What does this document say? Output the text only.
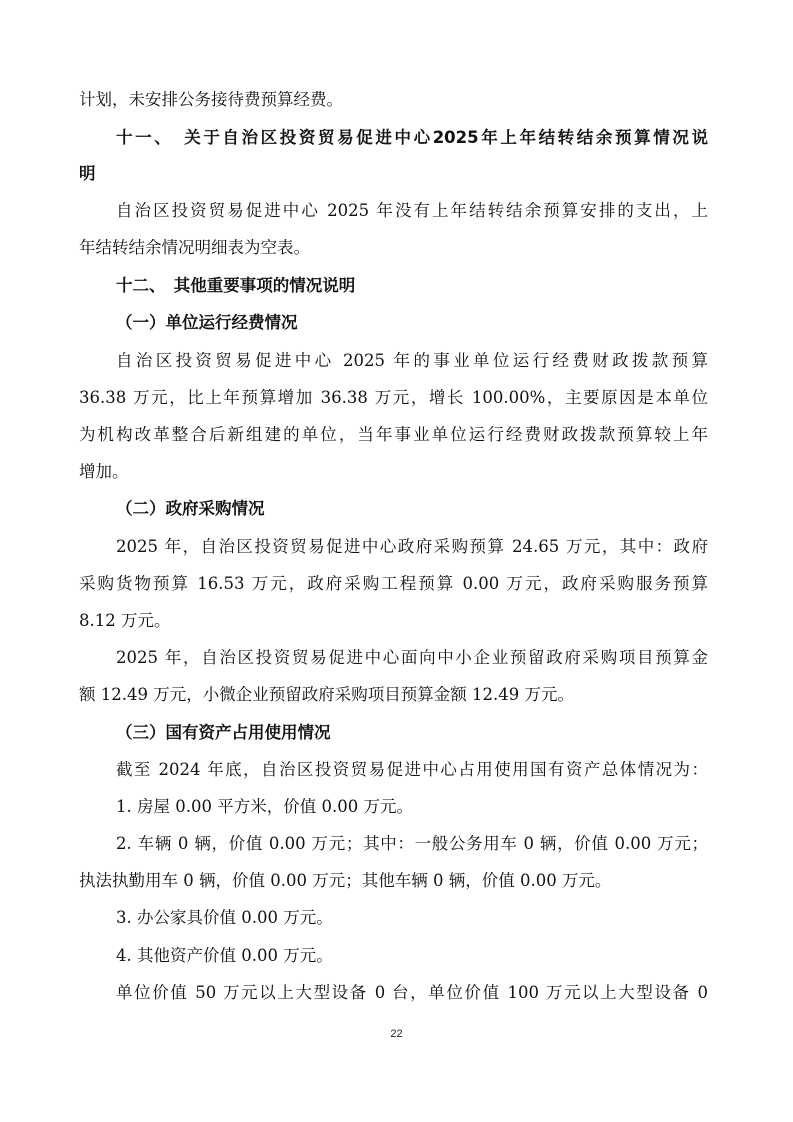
计划，未安排公务接待费预算经费。
十一、　关于自治区投资贸易促进中心2025年上年结转结余预算情况说
明
自治区投资贸易促进中心 2025 年没有上年结转结余预算安排的支出，上
年结转结余情况明细表为空表。
十二、　其他重要事项的情况说明
（一）单位运行经费情况
自治区投资贸易促进中心 2025 年的事业单位运行经费财政拨款预算
36.38 万元，比上年预算增加 36.38 万元，增长 100.00%，主要原因是本单位
为机构改革整合后新组建的单位，当年事业单位运行经费财政拨款预算较上年
增加。
（二）政府采购情况
2025 年，自治区投资贸易促进中心政府采购预算 24.65 万元，其中：政府
采购货物预算 16.53 万元，政府采购工程预算 0.00 万元，政府采购服务预算
8.12 万元。
2025 年，自治区投资贸易促进中心面向中小企业预留政府采购项目预算金
额 12.49 万元，小微企业预留政府采购项目预算金额 12.49 万元。
（三）国有资产占用使用情况
截至 2024 年底，自治区投资贸易促进中心占用使用国有资产总体情况为：
1. 房屋 0.00 平方米，价值 0.00 万元。
2. 车辆 0 辆，价值 0.00 万元；其中：一般公务用车 0 辆，价值 0.00 万元；
执法执勤用车 0 辆，价值 0.00 万元；其他车辆 0 辆，价值 0.00 万元。
3. 办公家具价值 0.00 万元。
4. 其他资产价值 0.00 万元。
单位价值 50 万元以上大型设备 0 台，单位价值 100 万元以上大型设备 0
22
